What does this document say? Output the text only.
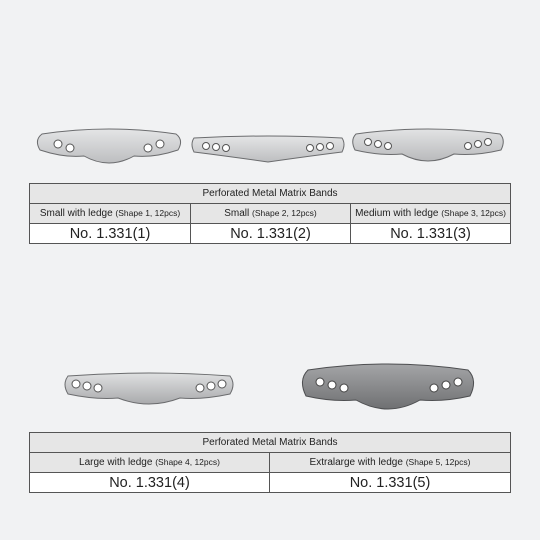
Perforated Metal Matrix Bands		
Small with ledge (Shape 1, 12pcs)	Small (Shape 2, 12pcs)	Medium with ledge (Shape 3, 12pcs)
No. 1.331(1)	No. 1.331(2)	No. 1.331(3)
Perforated Metal Matrix Bands	
Large with ledge (Shape 4, 12pcs)	Extralarge with ledge (Shape 5, 12pcs)
No. 1.331(4)	No. 1.331(5)
